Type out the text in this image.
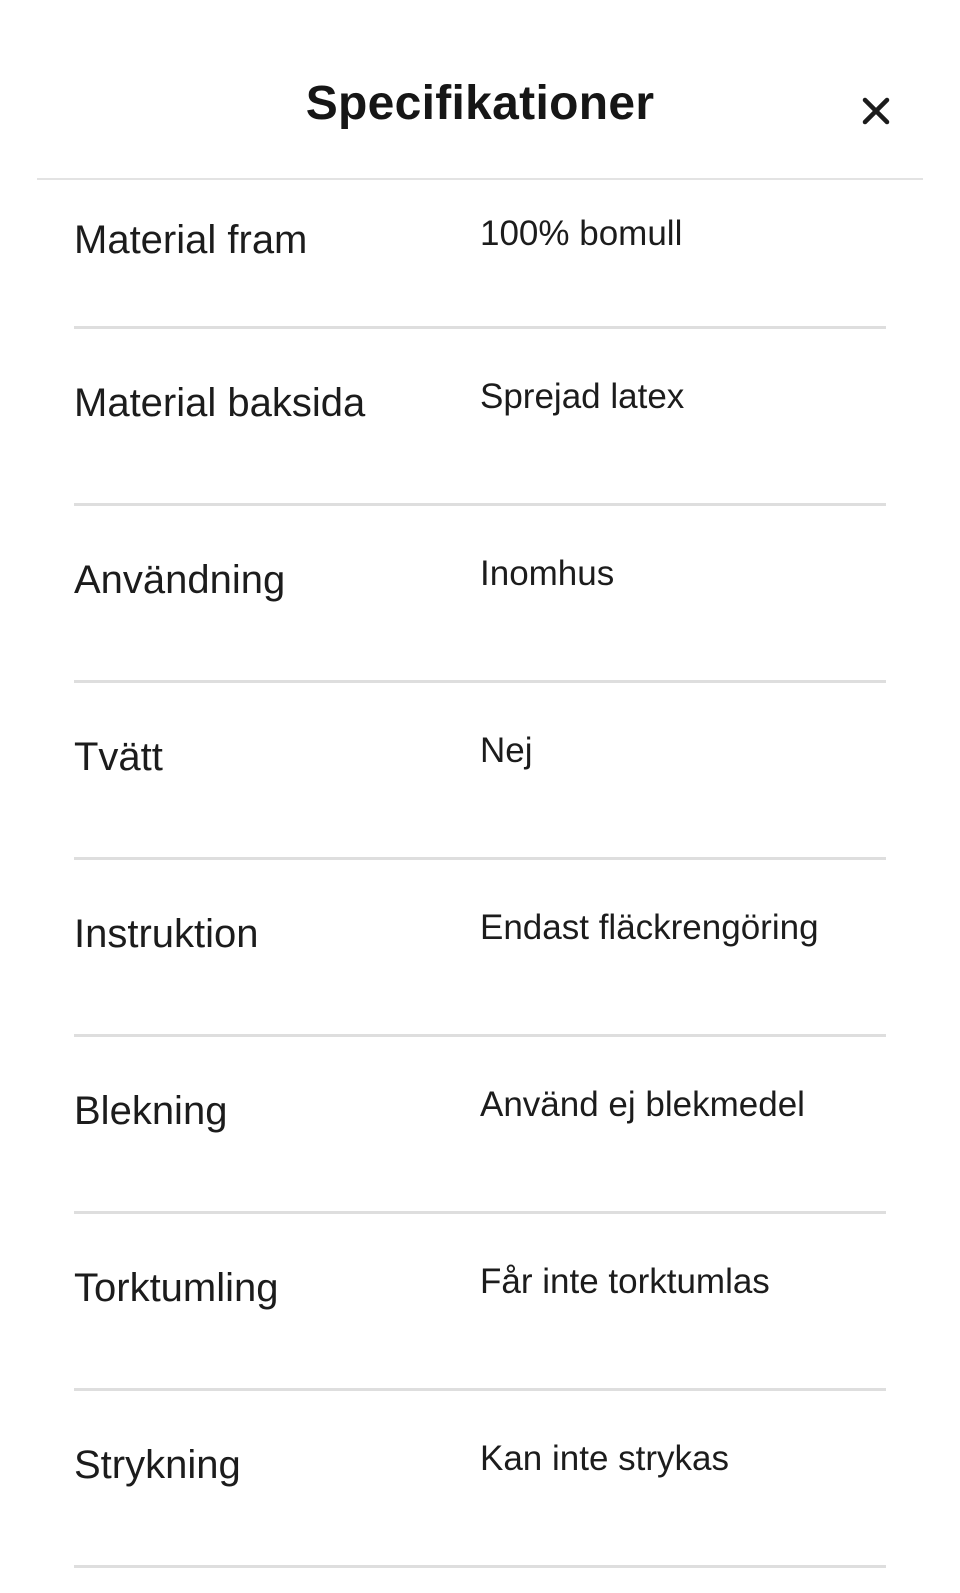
Specifikationer
Material fram	100% bomull
Material baksida	Sprejad latex
Användning	Inomhus
Tvätt	Nej
Instruktion	Endast fläckrengöring
Blekning	Använd ej blekmedel
Torktumling	Får inte torktumlas
Strykning	Kan inte strykas
